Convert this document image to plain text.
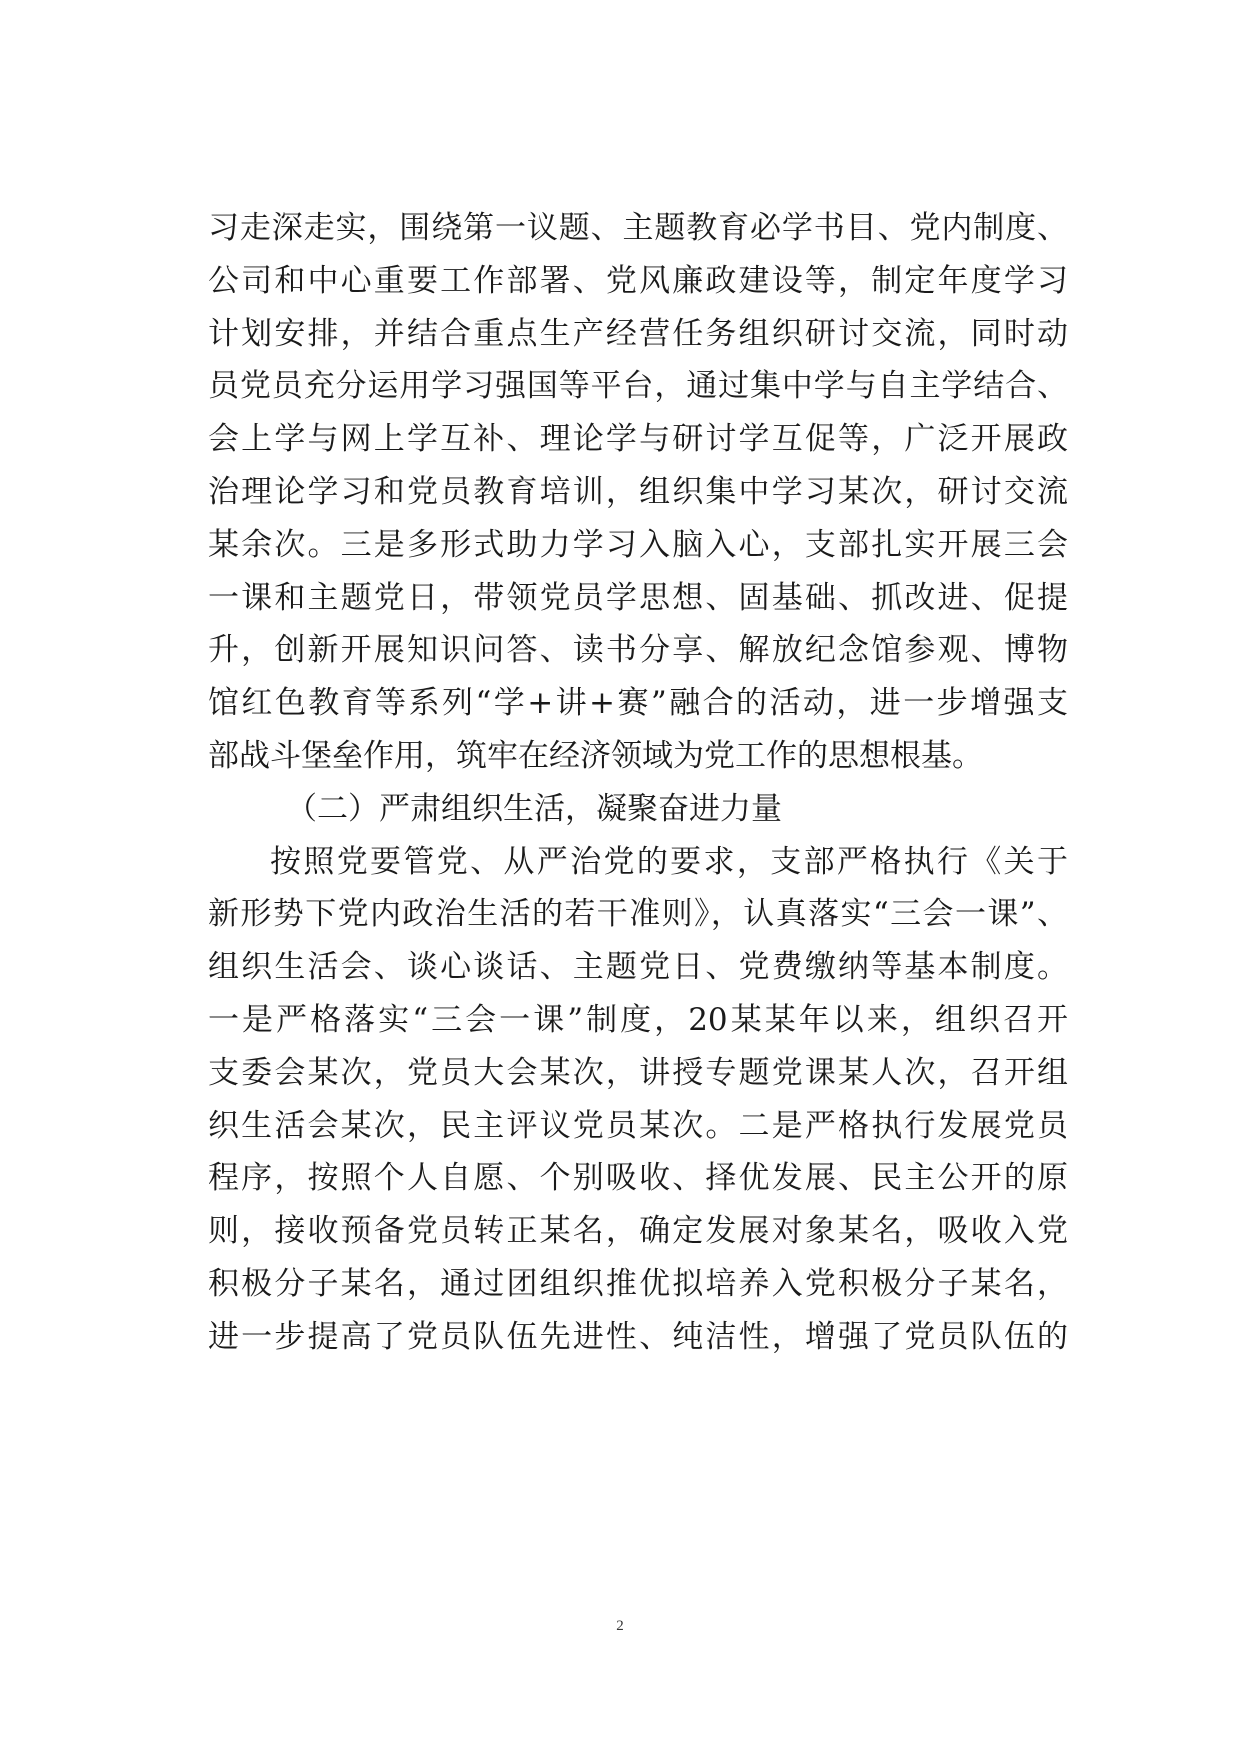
习走深走实，围绕第一议题、主题教育必学书目、党内制度、
公司和中心重要工作部署、党风廉政建设等，制定年度学习
计划安排，并结合重点生产经营任务组织研讨交流，同时动
员党员充分运用学习强国等平台，通过集中学与自主学结合、
会上学与网上学互补、理论学与研讨学互促等，广泛开展政
治理论学习和党员教育培训，组织集中学习某次，研讨交流
某余次。三是多形式助力学习入脑入心，支部扎实开展三会
一课和主题党日，带领党员学思想、固基础、抓改进、促提
升，创新开展知识问答、读书分享、解放纪念馆参观、博物
馆红色教育等系列“学+讲+赛”融合的活动，进一步增强支
部战斗堡垒作用，筑牢在经济领域为党工作的思想根基。
（二）严肃组织生活，凝聚奋进力量
按照党要管党、从严治党的要求，支部严格执行《关于
新形势下党内政治生活的若干准则》，认真落实“三会一课”、
组织生活会、谈心谈话、主题党日、党费缴纳等基本制度。
一是严格落实“三会一课”制度，20某某年以来，组织召开
支委会某次，党员大会某次，讲授专题党课某人次，召开组
织生活会某次，民主评议党员某次。二是严格执行发展党员
程序，按照个人自愿、个别吸收、择优发展、民主公开的原
则，接收预备党员转正某名，确定发展对象某名，吸收入党
积极分子某名，通过团组织推优拟培养入党积极分子某名，
进一步提高了党员队伍先进性、纯洁性，增强了党员队伍的
2
